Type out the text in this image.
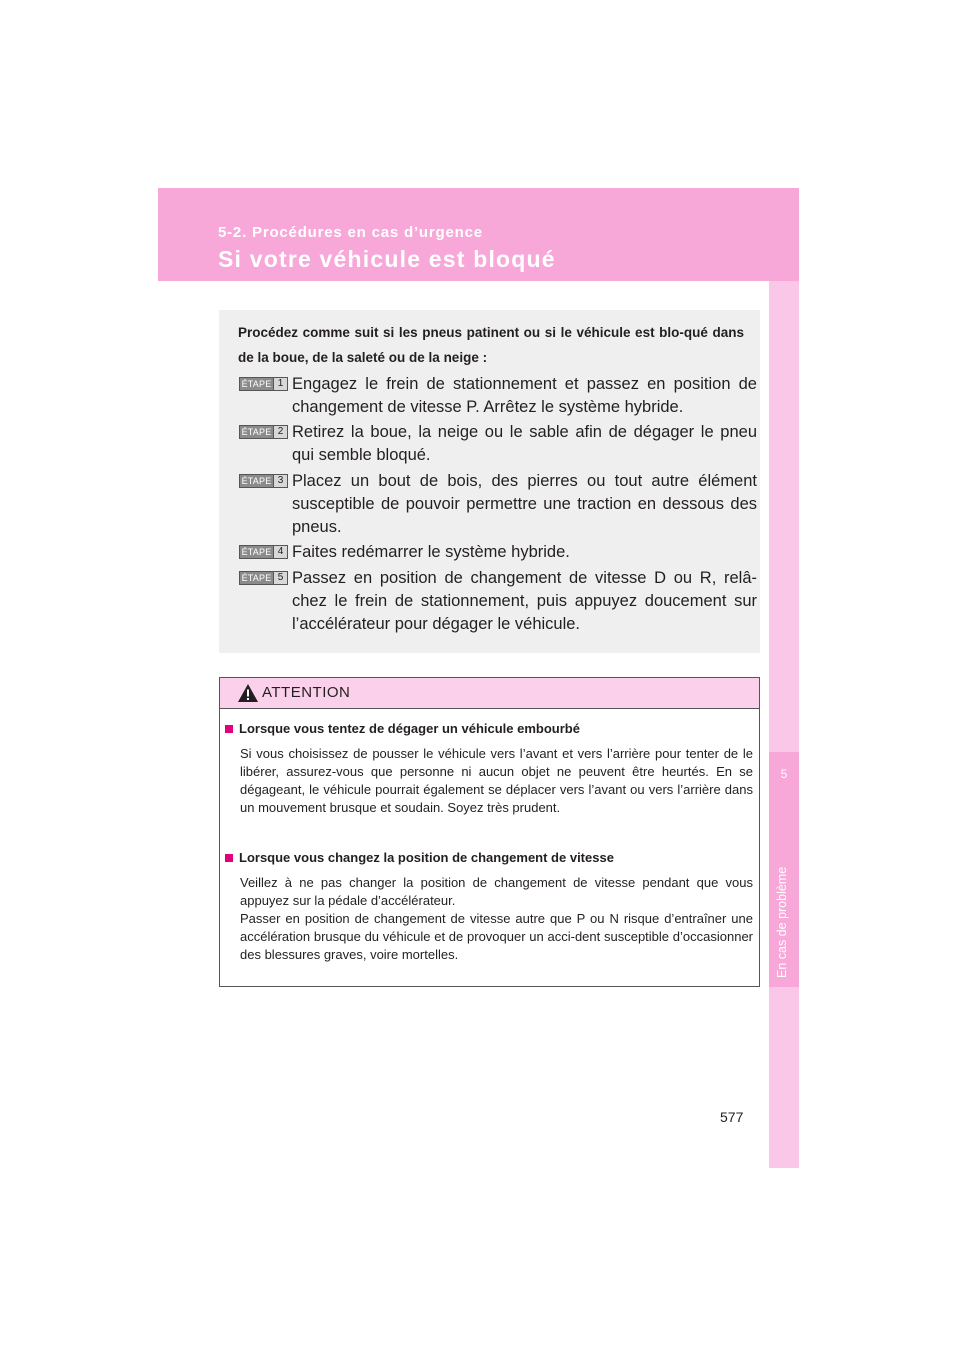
5-2. Procédures en cas d’urgence
Si votre véhicule est bloqué
5
En cas de problème
Procédez comme suit si les pneus patinent ou si le véhicule est blo-qué dans de la boue, de la saleté ou de la neige :
ÉTAPE 1 Engagez le frein de stationnement et passez en position de changement de vitesse P. Arrêtez le système hybride.
ÉTAPE 2 Retirez la boue, la neige ou le sable afin de dégager le pneu qui semble bloqué.
ÉTAPE 3 Placez un bout de bois, des pierres ou tout autre élément susceptible de pouvoir permettre une traction en dessous des pneus.
ÉTAPE 4 Faites redémarrer le système hybride.
ÉTAPE 5 Passez en position de changement de vitesse D ou R, relâ-chez le frein de stationnement, puis appuyez doucement sur l’accélérateur pour dégager le véhicule.
ATTENTION
Lorsque vous tentez de dégager un véhicule embourbé
Si vous choisissez de pousser le véhicule vers l’avant et vers l’arrière pour tenter de le libérer, assurez-vous que personne ni aucun objet ne peuvent être heurtés. En se dégageant, le véhicule pourrait également se déplacer vers l’avant ou vers l’arrière dans un mouvement brusque et soudain. Soyez très prudent.
Lorsque vous changez la position de changement de vitesse
Veillez à ne pas changer la position de changement de vitesse pendant que vous appuyez sur la pédale d’accélérateur.
Passer en position de changement de vitesse autre que P ou N risque d’entraîner une accélération brusque du véhicule et de provoquer un acci-dent susceptible d’occasionner des blessures graves, voire mortelles.
577
